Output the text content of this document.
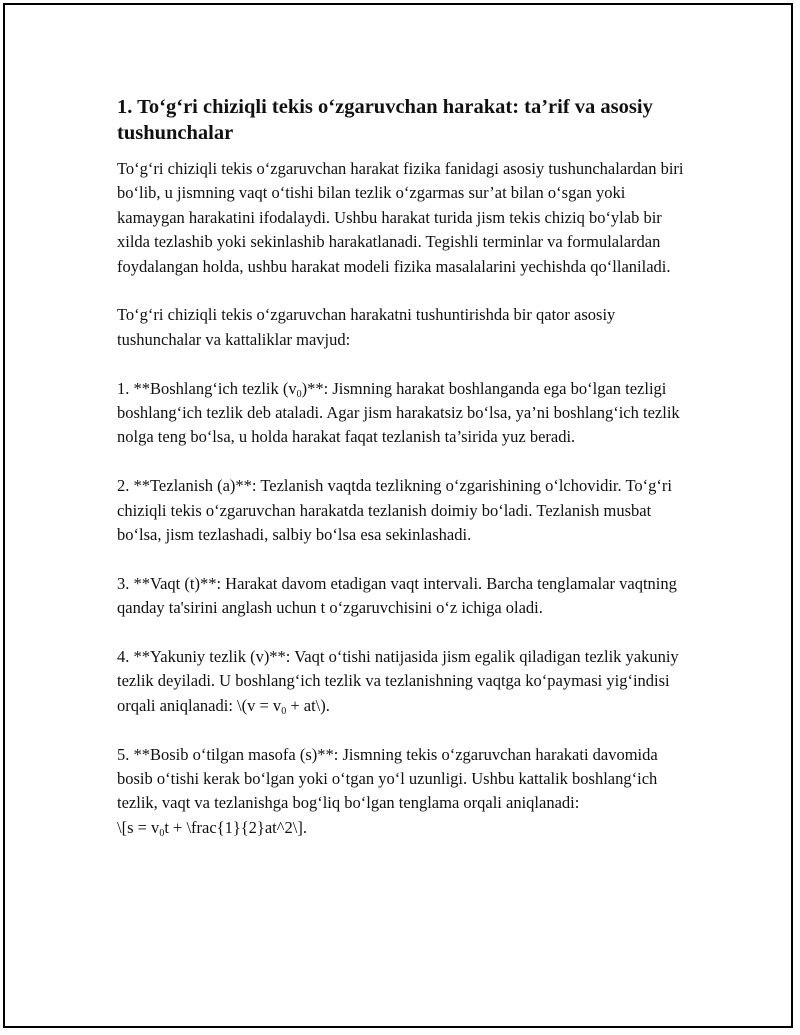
1. To‘g‘ri chiziqli tekis o‘zgaruvchan harakat: ta’rif va asosiy tushunchalar

To‘g‘ri chiziqli tekis o‘zgaruvchan harakat fizika fanidagi asosiy tushunchalardan biri bo‘lib, u jismning vaqt o‘tishi bilan tezlik o‘zgarmas sur’at bilan o‘sgan yoki kamaygan harakatini ifodalaydi. Ushbu harakat turida jism tekis chiziq bo‘ylab bir xilda tezlashib yoki sekinlashib harakatlanadi. Tegishli terminlar va formulalardan foydalangan holda, ushbu harakat modeli fizika masalalarini yechishda qo‘llaniladi.

To‘g‘ri chiziqli tekis o‘zgaruvchan harakatni tushuntirishda bir qator asosiy tushunchalar va kattaliklar mavjud:

1. **Boshlang‘ich tezlik $(v_0)**$: Jismning harakat boshlanganda ega bo‘lgan tezligi boshlang‘ich tezlik deb ataladi. Agar jism harakatsiz bo‘lsa, ya’ni boshlang‘ich tezlik nolga teng bo‘lsa, u holda harakat faqat tezlanish ta’sirida yuz beradi.

2. **Tezlanish (a)**: Tezlanish vaqtda tezlikning o‘zgarishining o‘lchovidir. To‘g‘ri chiziqli tekis o‘zgaruvchan harakatda tezlanish doimiy bo‘ladi. Tezlanish musbat bo‘lsa, jism tezlashadi, salbiy bo‘lsa esa sekinlashadi.

3. **Vaqt (t)**: Harakat davom etadigan vaqt intervali. Barcha tenglamalar vaqtning qanday ta'sirini anglash uchun t o‘zgaruvchisini o‘z ichiga oladi.

4. **Yakuniy tezlik (v)**: Vaqt o‘tishi natijasida jism egalik qiladigan tezlik yakuniy tezlik deyiladi. U boshlang‘ich tezlik va tezlanishning vaqtga ko‘paymasi yig‘indisi orqali aniqlanadi: \(v = $v_0$ + at\).

5. **Bosib o‘tilgan masofa (s)**: Jismning tekis o‘zgaruvchan harakati davomida bosib o‘tishi kerak bo‘lgan yoki o‘tgan yo‘l uzunligi. Ushbu kattalik boshlang‘ich tezlik, vaqt va tezlanishga bog‘liq bo‘lgan tenglama orqali aniqlanadi:
\[s = $v_0t$ + \frac{1}{2}at^2\].
